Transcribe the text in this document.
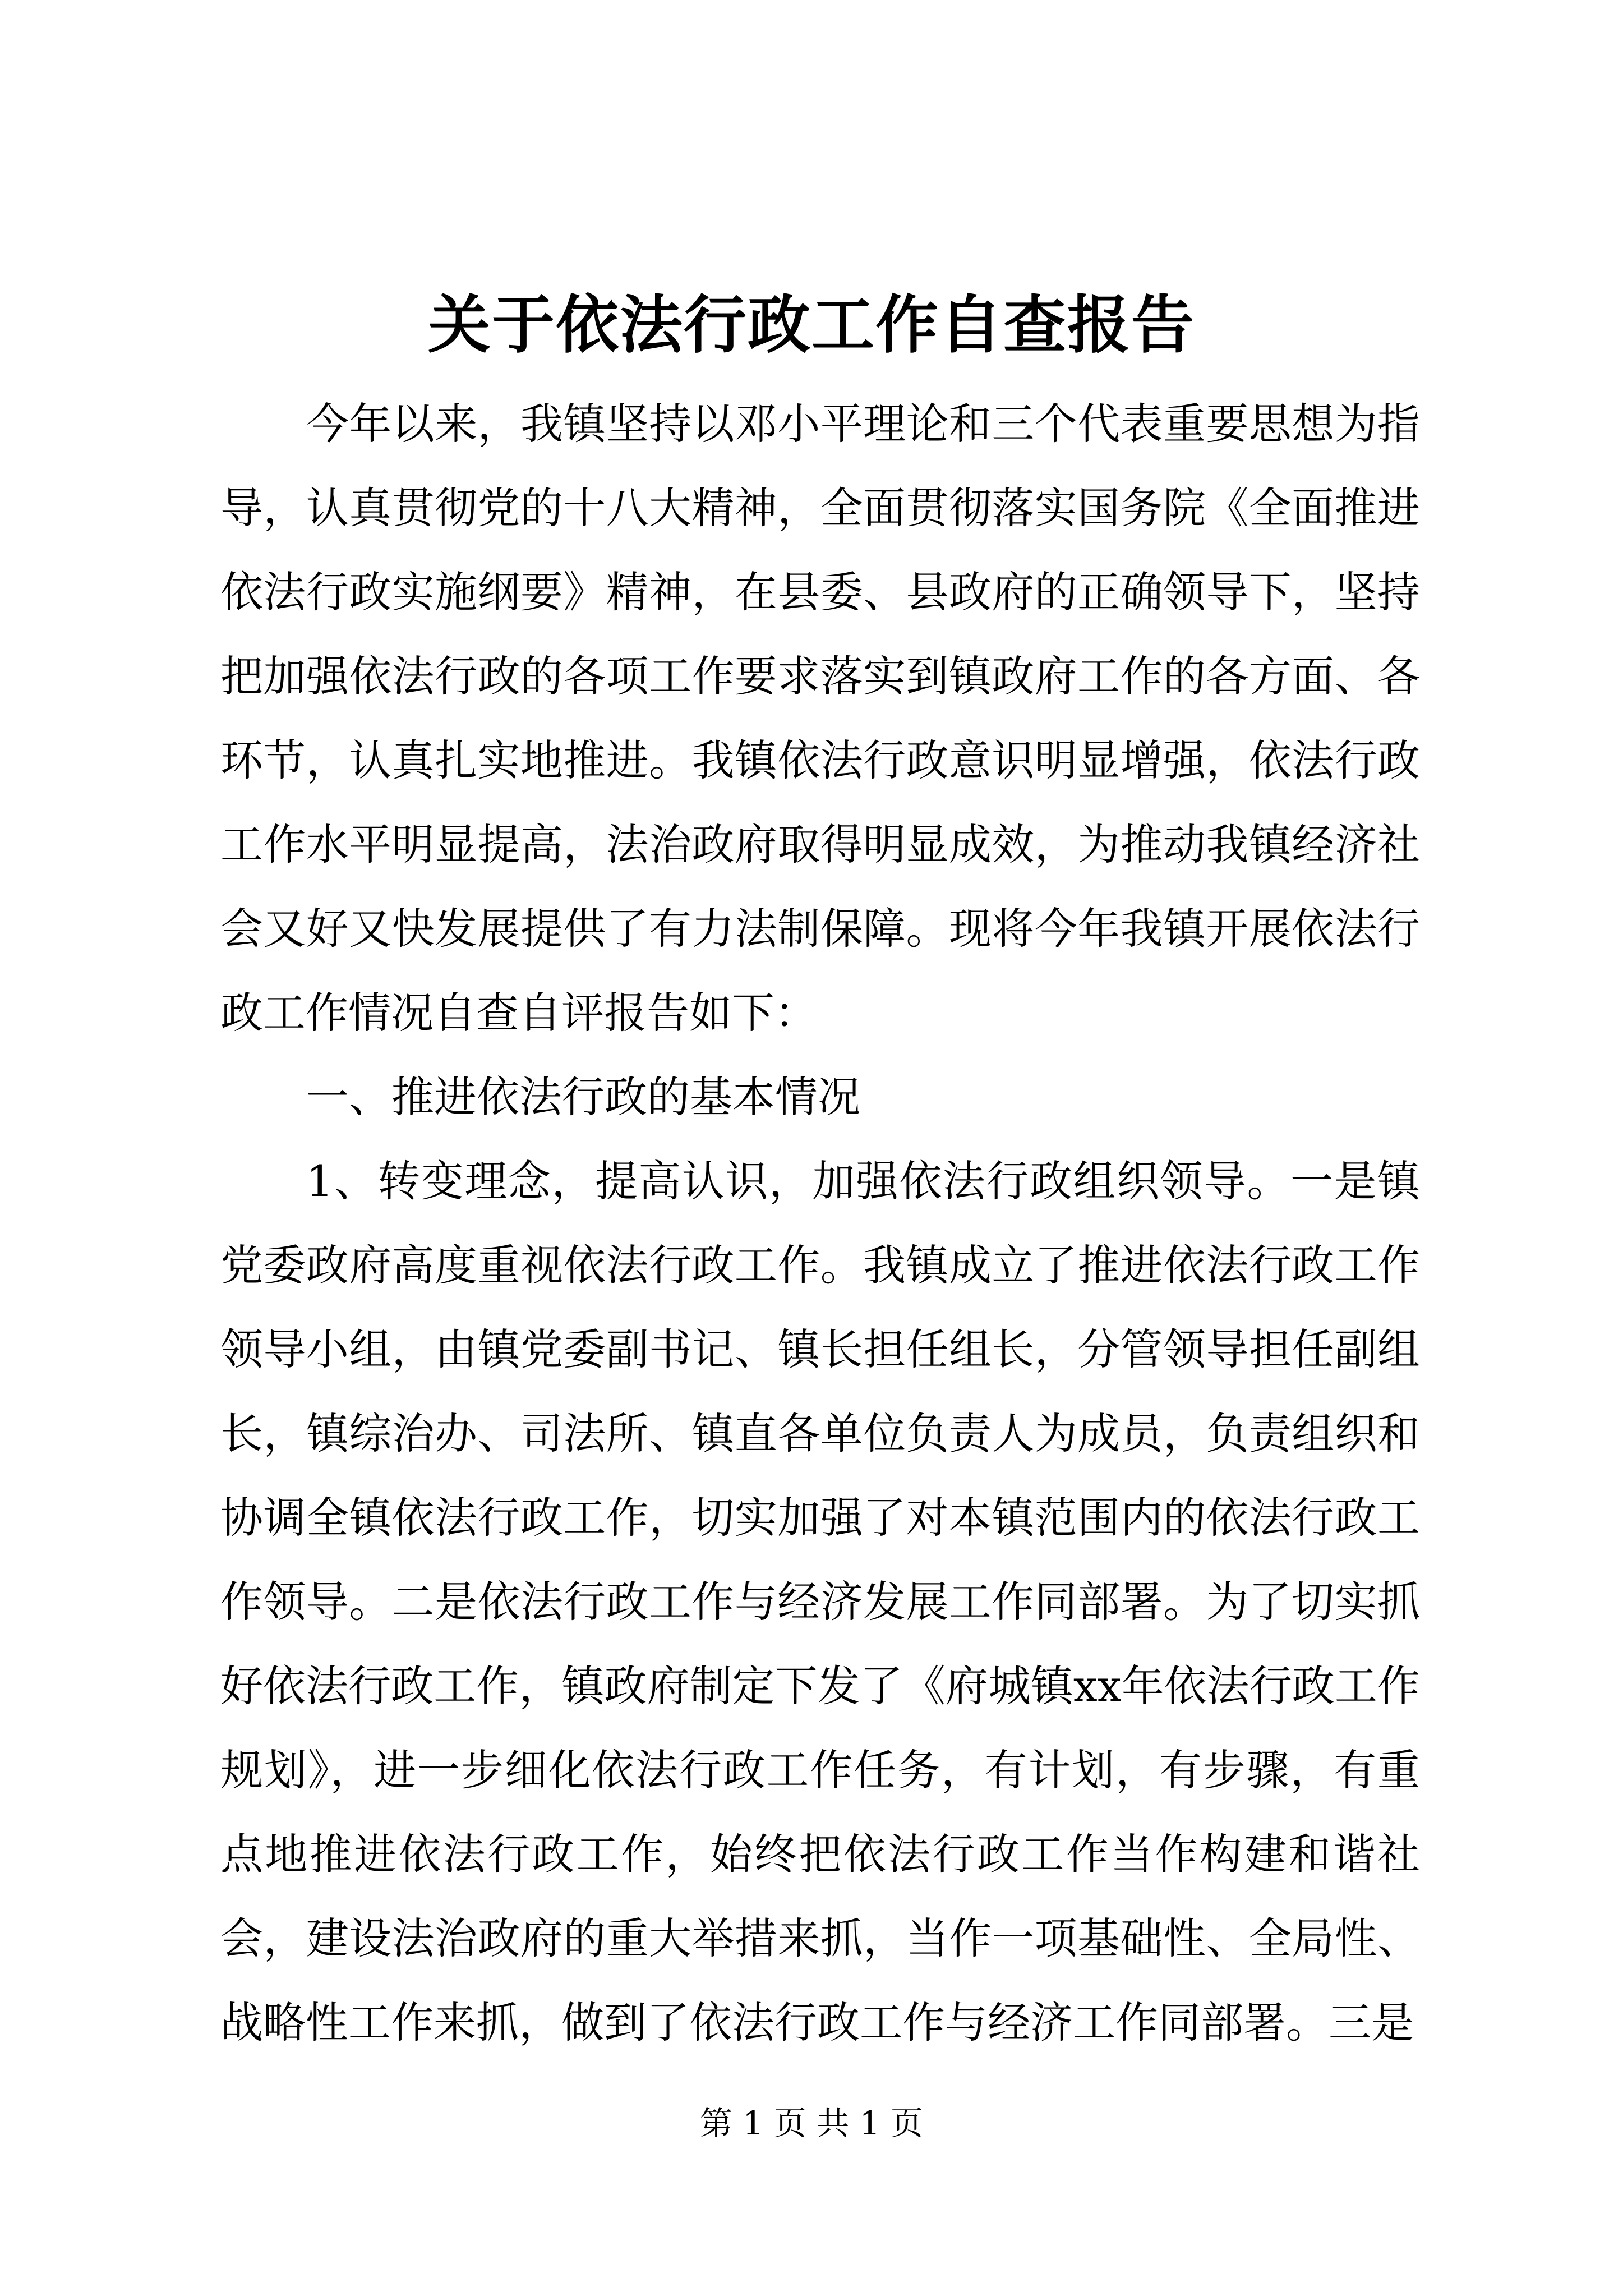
关于依法行政工作自查报告

今年以来，我镇坚持以邓小平理论和三个代表重要思想为指导，认真贯彻党的十八大精神，全面贯彻落实国务院《全面推进依法行政实施纲要》精神，在县委、县政府的正确领导下，坚持把加强依法行政的各项工作要求落实到镇政府工作的各方面、各环节，认真扎实地推进。我镇依法行政意识明显增强，依法行政工作水平明显提高，法治政府取得明显成效，为推动我镇经济社会又好又快发展提供了有力法制保障。现将今年我镇开展依法行政工作情况自查自评报告如下：

一、推进依法行政的基本情况

1、转变理念，提高认识，加强依法行政组织领导。一是镇党委政府高度重视依法行政工作。我镇成立了推进依法行政工作领导小组，由镇党委副书记、镇长担任组长，分管领导担任副组长，镇综治办、司法所、镇直各单位负责人为成员，负责组织和协调全镇依法行政工作，切实加强了对本镇范围内的依法行政工作领导。二是依法行政工作与经济发展工作同部署。为了切实抓好依法行政工作，镇政府制定下发了《府城镇xx年依法行政工作规划》，进一步细化依法行政工作任务，有计划，有步骤，有重点地推进依法行政工作，始终把依法行政工作当作构建和谐社会，建设法治政府的重大举措来抓，当作一项基础性、全局性、战略性工作来抓，做到了依法行政工作与经济工作同部署。三是

第 1 页 共 1 页
